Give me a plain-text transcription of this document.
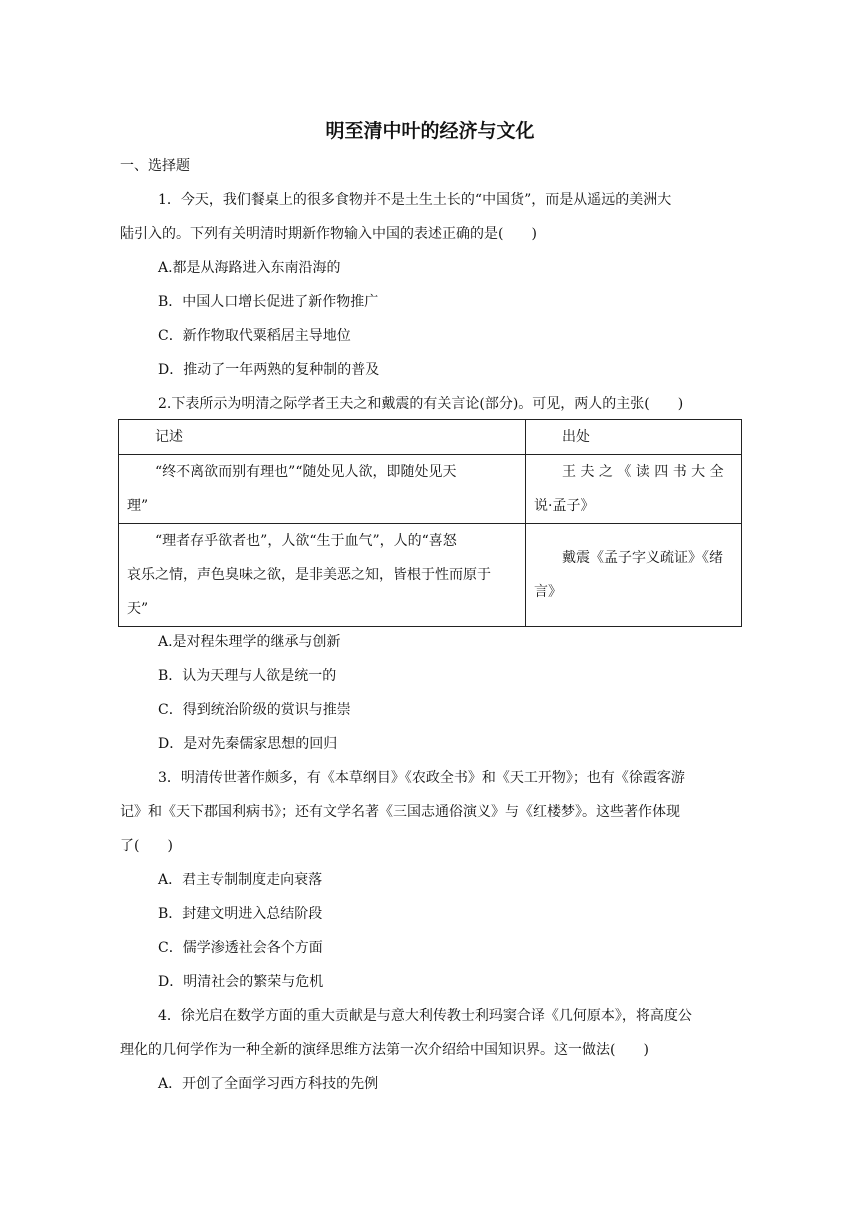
明至清中叶的经济与文化
一、选择题
1．今天，我们餐桌上的很多食物并不是土生土长的“中国货”，而是从遥远的美洲大
陆引入的。下列有关明清时期新作物输入中国的表述正确的是(　　)
A.都是从海路进入东南沿海的
B．中国人口增长促进了新作物推广
C．新作物取代粟稻居主导地位
D．推动了一年两熟的复种制的普及
2.下表所示为明清之际学者王夫之和戴震的有关言论(部分)。可见，两人的主张(　　)
记述	出处

“终不离欲而别有理也”“随处见人欲，即随处见天
理”	王 夫 之 《 读 四 书 大 全
说·孟子》

“理者存乎欲者也”，人欲“生于血气”，人的“喜怒
哀乐之情，声色臭味之欲，是非美恶之知，皆根于性而原于
天”	戴震《孟子字义疏证》《绪
言》
A.是对程朱理学的继承与创新
B．认为天理与人欲是统一的
C．得到统治阶级的赏识与推崇
D．是对先秦儒家思想的回归
3．明清传世著作颇多，有《本草纲目》《农政全书》和《天工开物》；也有《徐霞客游
记》和《天下郡国利病书》；还有文学名著《三国志通俗演义》与《红楼梦》。这些著作体现
了(　　)
A．君主专制制度走向衰落
B．封建文明进入总结阶段
C．儒学渗透社会各个方面
D．明清社会的繁荣与危机
4．徐光启在数学方面的重大贡献是与意大利传教士利玛窦合译《几何原本》，将高度公
理化的几何学作为一种全新的演绎思维方法第一次介绍给中国知识界。这一做法(　　)
A．开创了全面学习西方科技的先例
